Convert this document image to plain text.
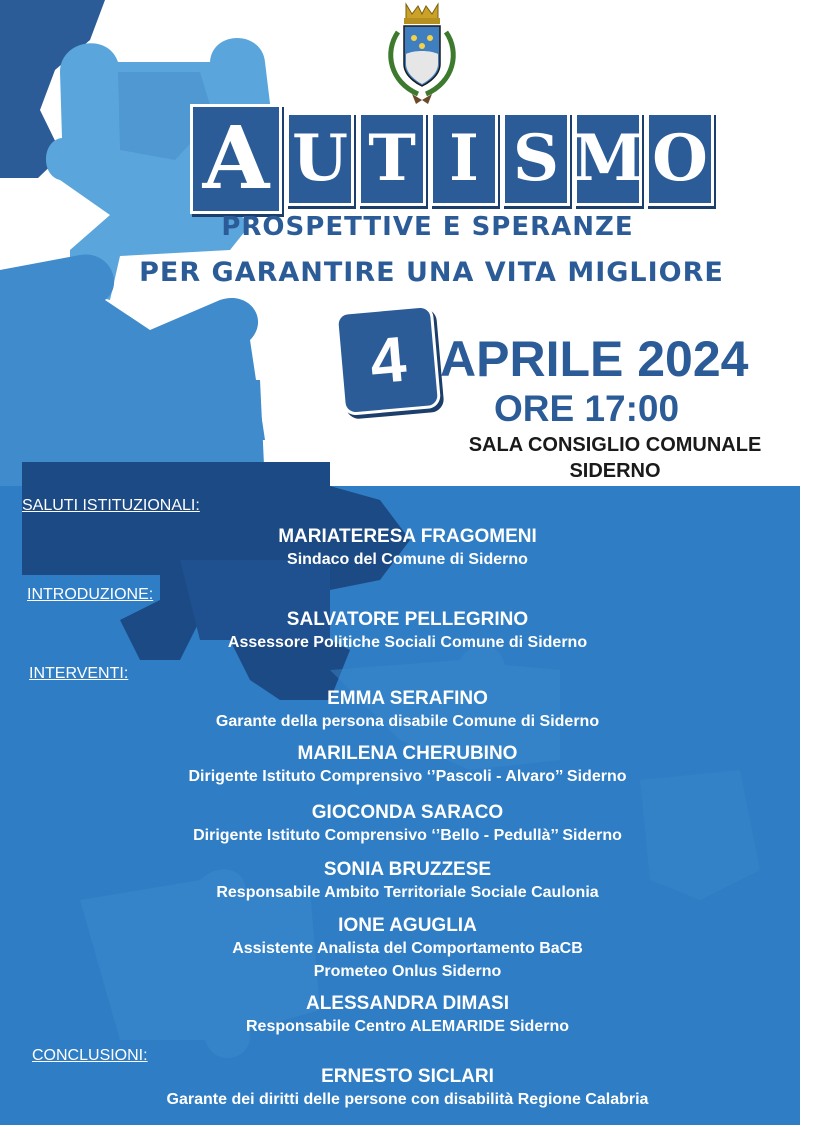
A U T I S M O
PROSPETTIVE E SPERANZE
PER GARANTIRE UNA VITA MIGLIORE
4 APRILE 2024
ORE 17:00
SALA CONSIGLIO COMUNALE
SIDERNO
SALUTI ISTITUZIONALI:
MARIATERESA FRAGOMENI
Sindaco del Comune di Siderno
INTRODUZIONE:
SALVATORE PELLEGRINO
Assessore Politiche Sociali Comune di Siderno
INTERVENTI:
EMMA SERAFINO
Garante della persona disabile Comune di Siderno
MARILENA CHERUBINO
Dirigente Istituto Comprensivo ‘’Pascoli - Alvaro’’ Siderno
GIOCONDA SARACO
Dirigente Istituto Comprensivo ‘’Bello - Pedullà’’ Siderno
SONIA BRUZZESE
Responsabile Ambito Territoriale Sociale Caulonia
IONE AGUGLIA
Assistente Analista del Comportamento BaCB
Prometeo Onlus Siderno
ALESSANDRA DIMASI
Responsabile Centro ALEMARIDE Siderno
CONCLUSIONI:
ERNESTO SICLARI
Garante dei diritti delle persone con disabilità Regione Calabria
